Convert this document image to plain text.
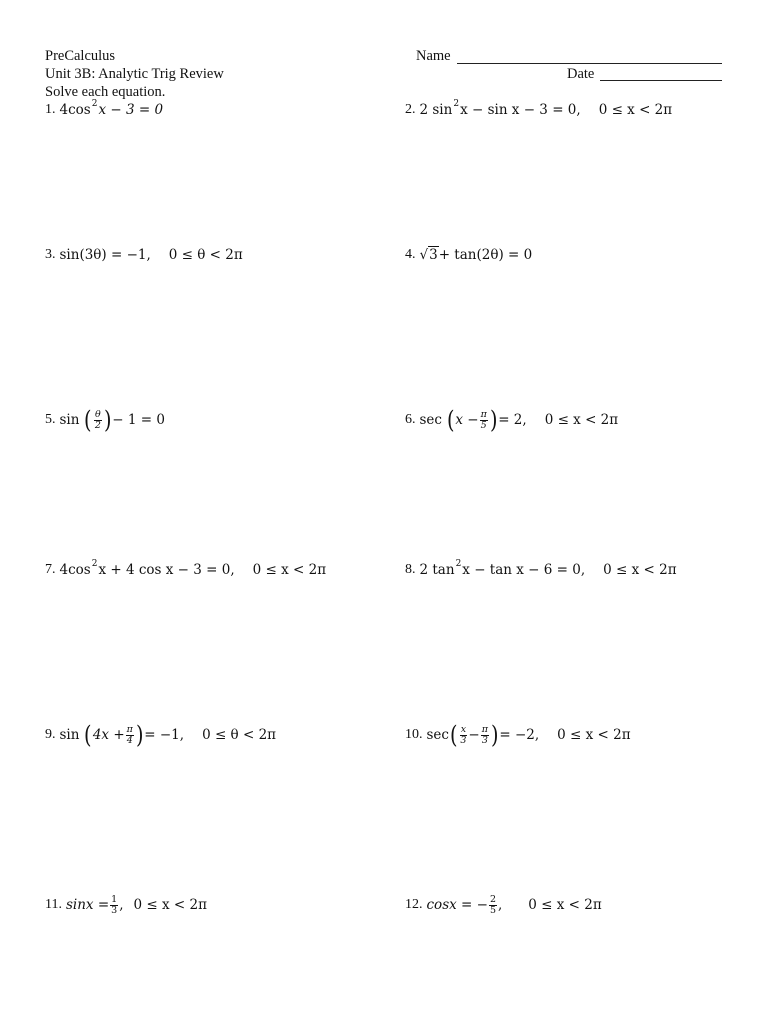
PreCalculus
Unit 3B: Analytic Trig Review
Solve each equation.
Name
Date
1. 4cos 2 x − 3 = 0	2. 2 sin 2 x − sin x − 3 = 0, 0 ≤ x < 2π
3. sin(3θ) = −1, 0 ≤ θ < 2π	4. √ 3 + tan(2θ) = 0
5. sin ( $\frac{\theta}{2}$ ) − 1 = 0	6. sec ( $x - \frac{\pi}{5}$ ) = 2, 0 ≤ x < 2π
7. 4cos 2 x + 4 cos x − 3 = 0, 0 ≤ x < 2π	8. 2 tan 2 x − tan x − 6 = 0, 0 ≤ x < 2π
9. sin ( $4x + \frac{\pi}{4}$ ) = −1, 0 ≤ θ < 2π	10. sec ( $\frac{x}{3} - \frac{\pi}{3}$ ) = −2, 0 ≤ x < 2π
11. $\sin x = \frac{1}{3}$ , 0 ≤ x < 2π	12. cosx = − $\frac{2}{5}$ , 0 ≤ x < 2π
